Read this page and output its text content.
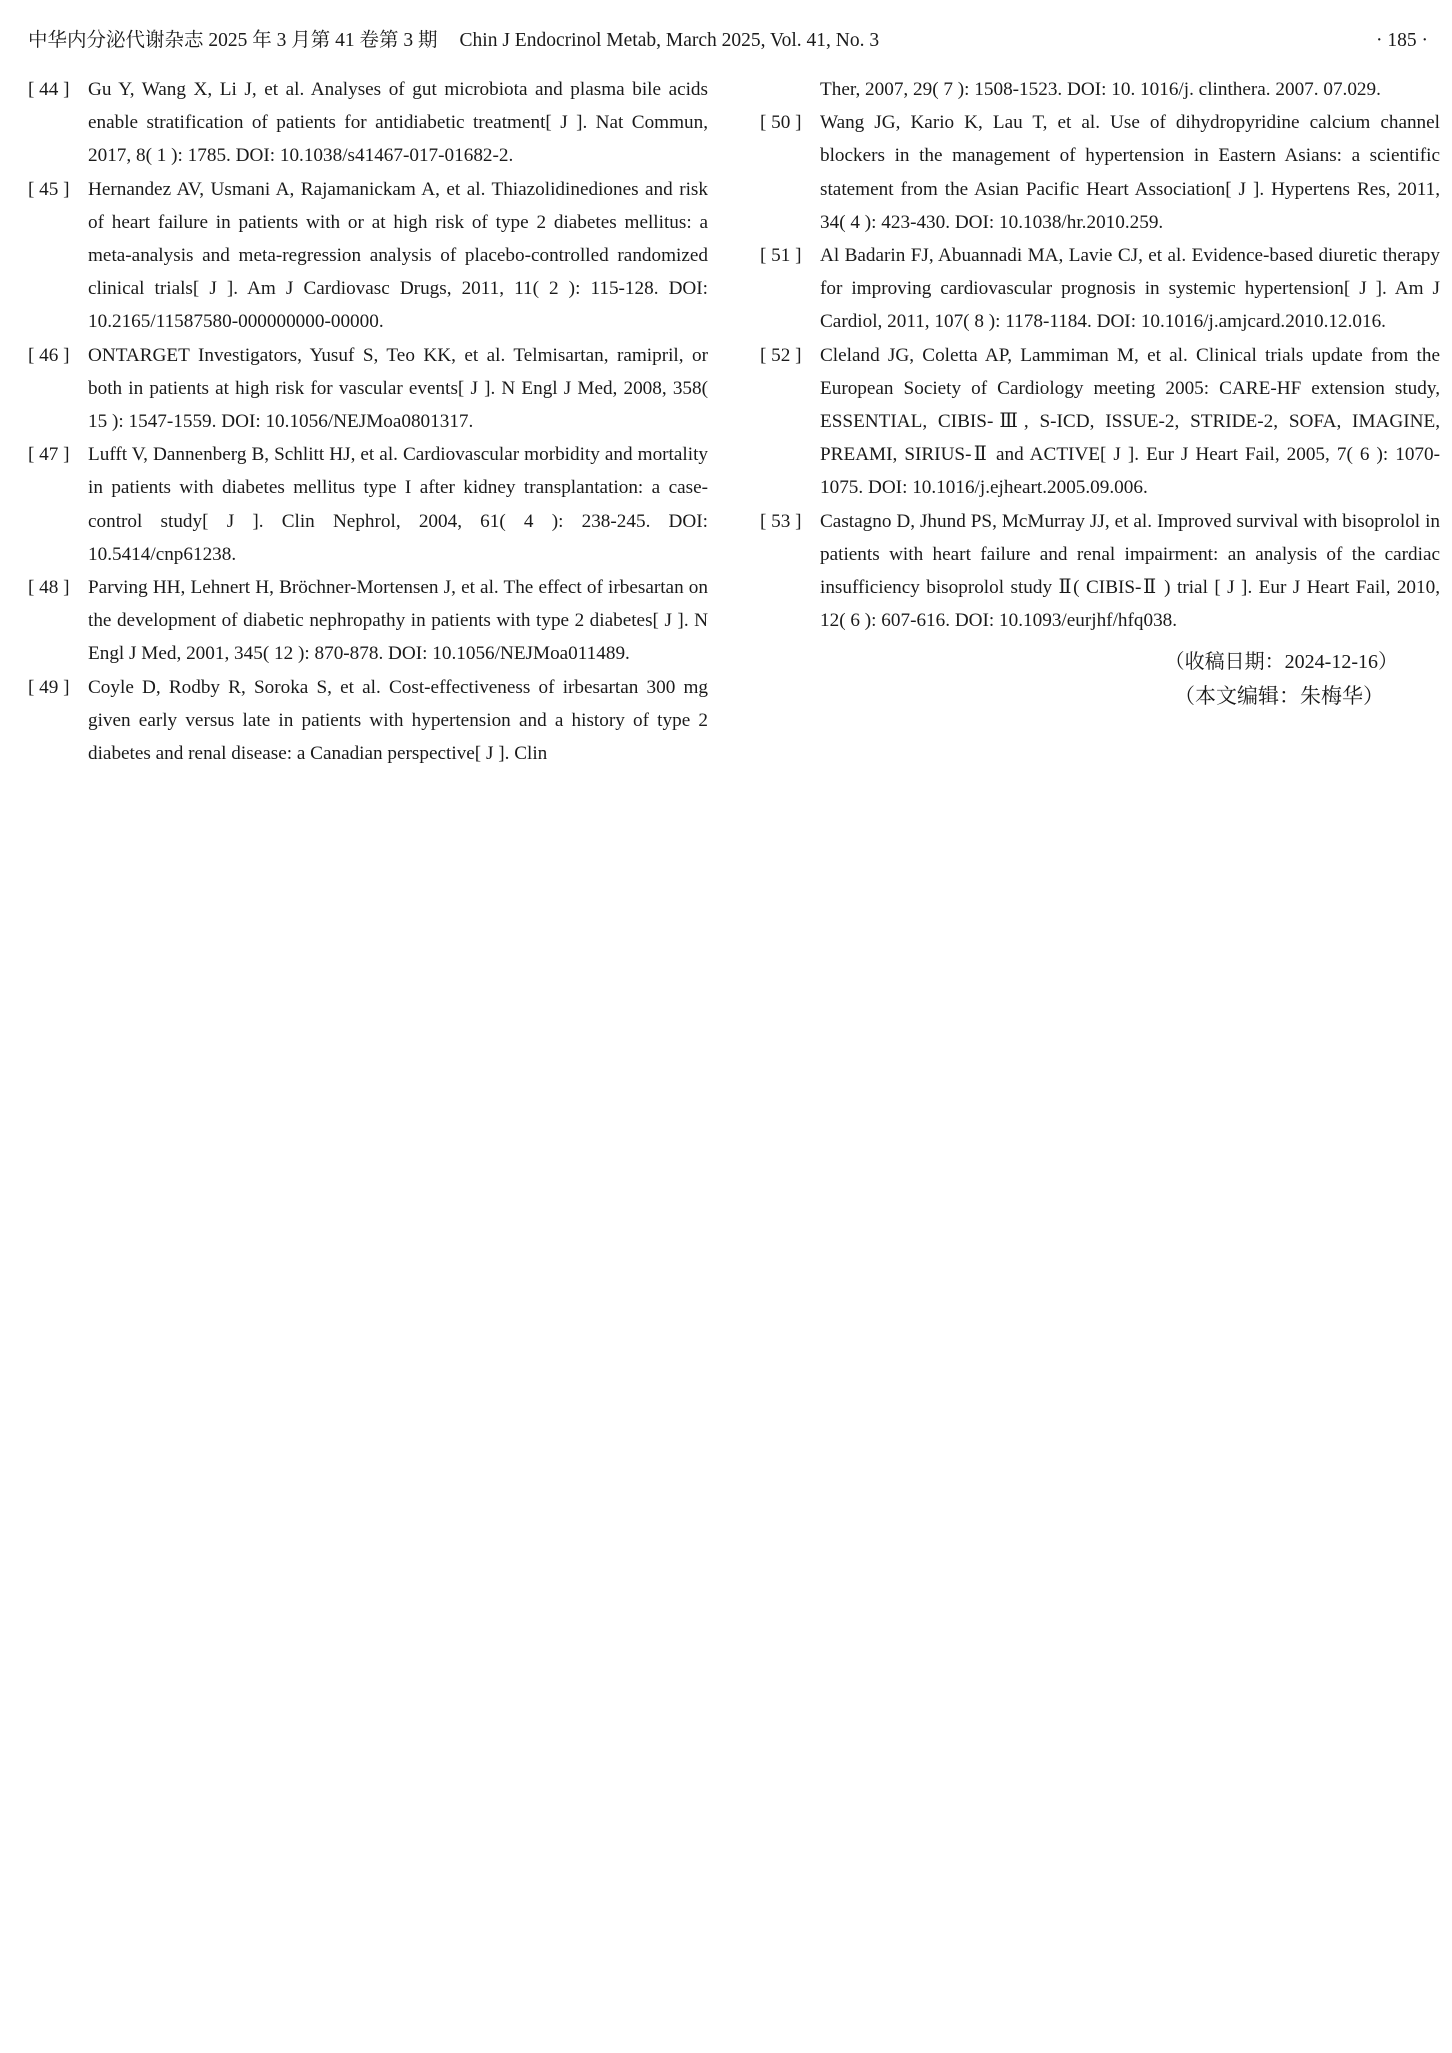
中华内分泌代谢杂志 2025 年 3 月第 41 卷第 3 期 Chin J Endocrinol Metab, March 2025, Vol. 41, No. 3	· 185 ·
[ 44 ] Gu Y, Wang X, Li J, et al. Analyses of gut microbiota and plasma bile acids enable stratification of patients for antidiabetic treatment[ J ]. Nat Commun, 2017, 8( 1 ): 1785. DOI: 10.1038/s41467-017-01682-2.
[ 45 ] Hernandez AV, Usmani A, Rajamanickam A, et al. Thiazolidinediones and risk of heart failure in patients with or at high risk of type 2 diabetes mellitus: a meta-analysis and meta-regression analysis of placebo-controlled randomized clinical trials[ J ]. Am J Cardiovasc Drugs, 2011, 11( 2 ): 115-128. DOI: 10.2165/11587580-000000000-00000.
[ 46 ] ONTARGET Investigators, Yusuf S, Teo KK, et al. Telmisartan, ramipril, or both in patients at high risk for vascular events[ J ]. N Engl J Med, 2008, 358( 15 ): 1547-1559. DOI: 10.1056/NEJMoa0801317.
[ 47 ] Lufft V, Dannenberg B, Schlitt HJ, et al. Cardiovascular morbidity and mortality in patients with diabetes mellitus type I after kidney transplantation: a case-control study[ J ]. Clin Nephrol, 2004, 61( 4 ): 238-245. DOI: 10.5414/cnp61238.
[ 48 ] Parving HH, Lehnert H, Bröchner-Mortensen J, et al. The effect of irbesartan on the development of diabetic nephropathy in patients with type 2 diabetes[ J ]. N Engl J Med, 2001, 345( 12 ): 870-878. DOI: 10.1056/NEJMoa011489.
[ 49 ] Coyle D, Rodby R, Soroka S, et al. Cost-effectiveness of irbesartan 300 mg given early versus late in patients with hypertension and a history of type 2 diabetes and renal disease: a Canadian perspective[ J ]. Clin
Ther, 2007, 29( 7 ): 1508-1523. DOI: 10. 1016/j. clinthera. 2007. 07.029.
[ 50 ] Wang JG, Kario K, Lau T, et al. Use of dihydropyridine calcium channel blockers in the management of hypertension in Eastern Asians: a scientific statement from the Asian Pacific Heart Association[ J ]. Hypertens Res, 2011, 34( 4 ): 423-430. DOI: 10.1038/hr.2010.259.
[ 51 ] Al Badarin FJ, Abuannadi MA, Lavie CJ, et al. Evidence-based diuretic therapy for improving cardiovascular prognosis in systemic hypertension[ J ]. Am J Cardiol, 2011, 107( 8 ): 1178-1184. DOI: 10.1016/j.amjcard.2010.12.016.
[ 52 ] Cleland JG, Coletta AP, Lammiman M, et al. Clinical trials update from the European Society of Cardiology meeting 2005: CARE-HF extension study, ESSENTIAL, CIBIS-Ⅲ, S-ICD, ISSUE-2, STRIDE-2, SOFA, IMAGINE, PREAMI, SIRIUS-Ⅱ and ACTIVE[ J ]. Eur J Heart Fail, 2005, 7( 6 ): 1070-1075. DOI: 10.1016/j.ejheart.2005.09.006.
[ 53 ] Castagno D, Jhund PS, McMurray JJ, et al. Improved survival with bisoprolol in patients with heart failure and renal impairment: an analysis of the cardiac insufficiency bisoprolol study Ⅱ( CIBIS-Ⅱ ) trial [ J ]. Eur J Heart Fail, 2010, 12( 6 ): 607-616. DOI: 10.1093/eurjhf/hfq038.
（收稿日期：2024-12-16）
（本文编辑：朱梅华）
